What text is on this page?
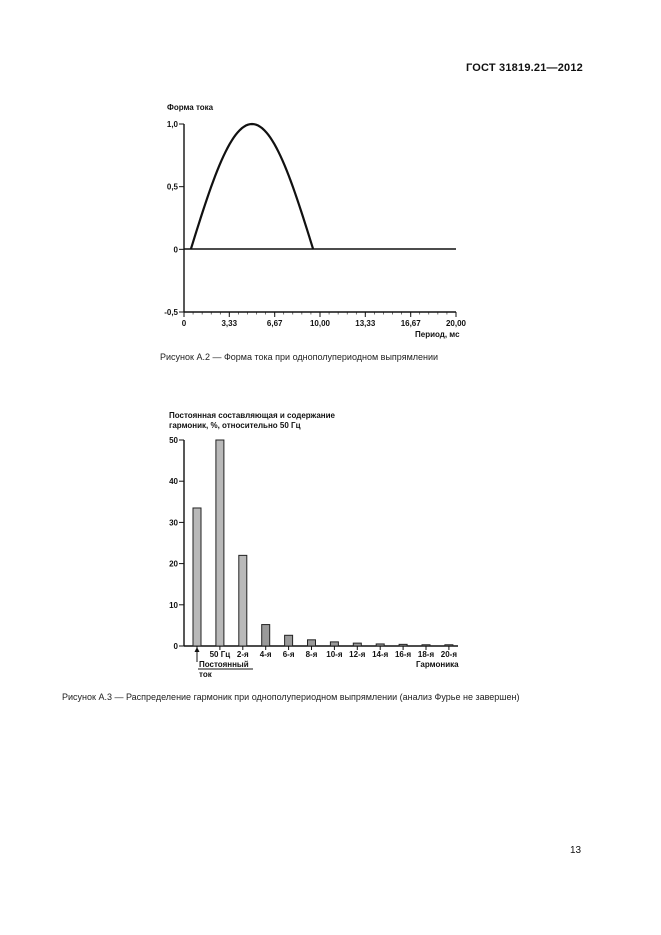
ГОСТ 31819.21—2012
Форма тока
1,0
0,5
0
-0,5
0	3,33	6,67	10,00	13,33	16,67	20,00
Период, мс
Рисунок А.2 — Форма тока при однополупериодном выпрямлении
Постоянная составляющая и содержание
гармоник, %, относительно 50 Гц
50
40
30
20
10
0
50 Гц 2-я 4-я 6-я 8-я 10-я 12-я 14-я 16-я 18-я 20-я
Постоянный
ток
Гармоника
Рисунок А.3 — Распределение гармоник при однополупериодном выпрямлении (анализ Фурье не завершен)
13
